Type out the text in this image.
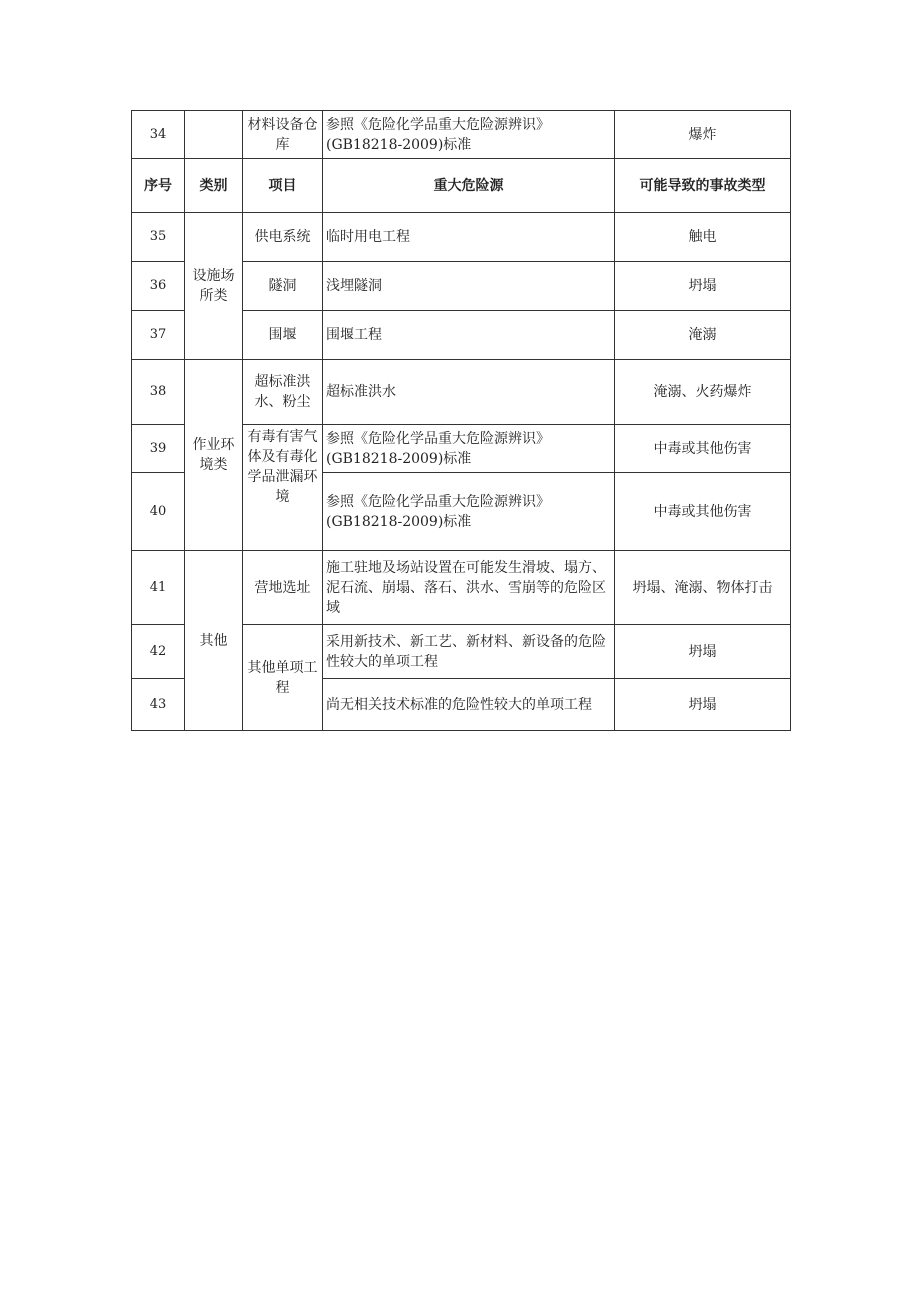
34		材料设备仓库	参照《危险化学品重大危险源辨识》(GB18218-2009)标准	爆炸
序号	类别	项目	重大危险源	可能导致的事故类型
35	设施场所类	供电系统	临时用电工程	触电
36		隧洞	浅埋隧洞	坍塌
37		围堰	围堰工程	淹溺
38	作业环境类	超标准洪水、粉尘	超标准洪水	淹溺、火药爆炸
39		有毒有害气体及有毒化学品泄漏环境	参照《危险化学品重大危险源辨识》(GB18218-2009)标准	中毒或其他伤害
40			参照《危险化学品重大危险源辨识》(GB18218-2009)标准	中毒或其他伤害
41	其他	营地选址	施工驻地及场站设置在可能发生滑坡、塌方、泥石流、崩塌、落石、洪水、雪崩等的危险区域	坍塌、淹溺、物体打击
42		其他单项工程	采用新技术、新工艺、新材料、新设备的危险性较大的单项工程	坍塌
43			尚无相关技术标准的危险性较大的单项工程	坍塌
